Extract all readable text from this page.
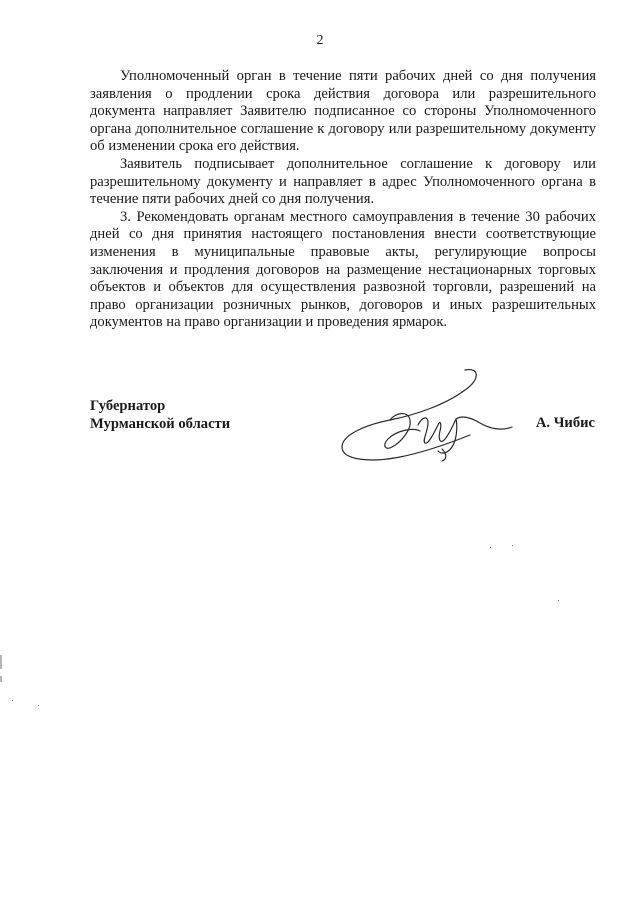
2

Уполномоченный орган в течение пяти рабочих дней со дня получения заявления о продлении срока действия договора или разрешительного документа направляет Заявителю подписанное со стороны Уполномоченного органа дополнительное соглашение к договору или разрешительному документу об изменении срока его действия.

Заявитель подписывает дополнительное соглашение к договору или разрешительному документу и направляет в адрес Уполномоченного органа в течение пяти рабочих дней со дня получения.

3. Рекомендовать органам местного самоуправления в течение 30 рабочих дней со дня принятия настоящего постановления внести соответствующие изменения в муниципальные правовые акты, регулирующие вопросы заключения и продления договоров на размещение нестационарных торговых объектов и объектов для осуществления развозной торговли, разрешений на право организации розничных рынков, договоров и иных разрешительных документов на право организации и проведения ярмарок.

Губернатор
Мурманской области	А. Чибис
